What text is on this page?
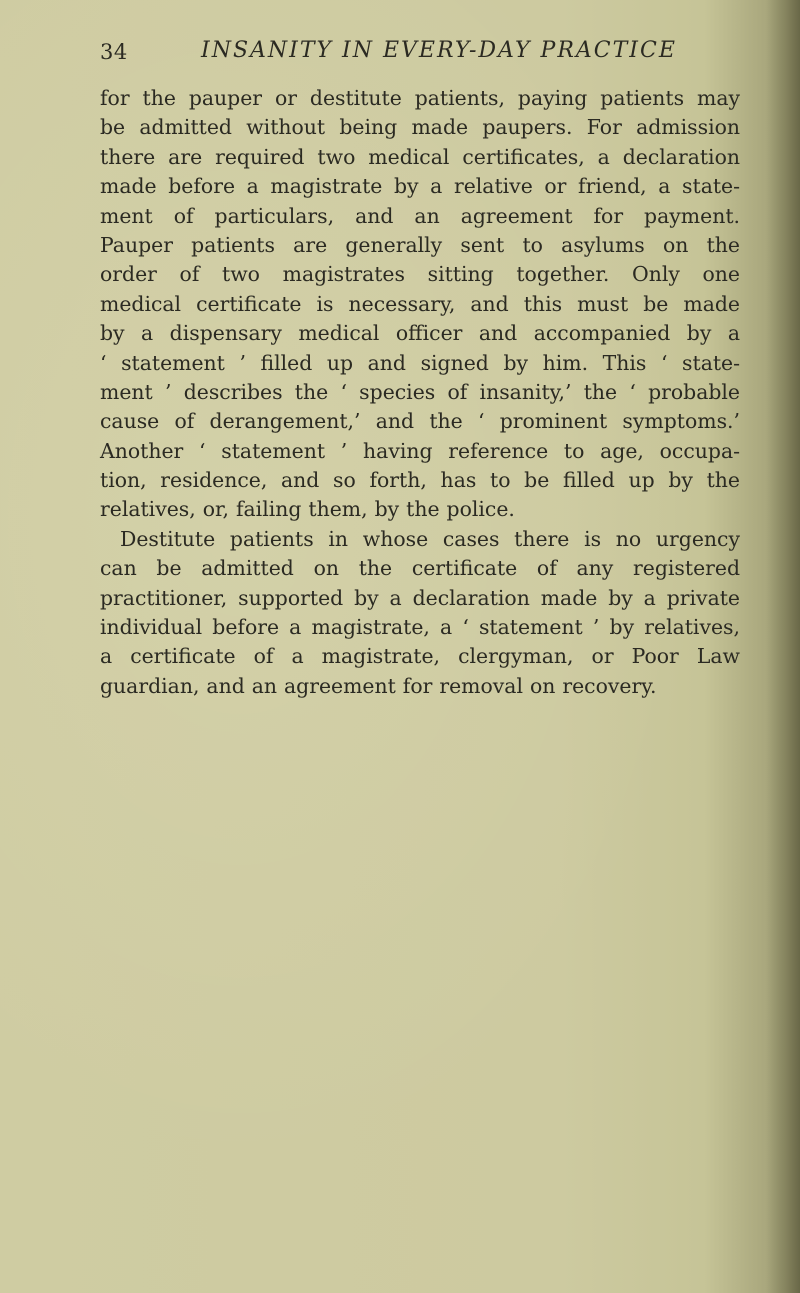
34	INSANITY IN EVERY-DAY PRACTICE
for the pauper or destitute patients, paying patients may
be admitted without being made paupers. For admission
there are required two medical certificates, a declaration
made before a magistrate by a relative or friend, a state-
ment of particulars, and an agreement for payment.
Pauper patients are generally sent to asylums on the
order of two magistrates sitting together. Only one
medical certificate is necessary, and this must be made
by a dispensary medical officer and accompanied by a
‘ statement ’ filled up and signed by him. This ‘ state-
ment ’ describes the ‘ species of insanity,’ the ‘ probable
cause of derangement,’ and the ‘ prominent symptoms.’
Another ‘ statement ’ having reference to age, occupa-
tion, residence, and so forth, has to be filled up by the
relatives, or, failing them, by the police.
Destitute patients in whose cases there is no urgency
can be admitted on the certificate of any registered
practitioner, supported by a declaration made by a private
individual before a magistrate, a ‘ statement ’ by relatives,
a certificate of a magistrate, clergyman, or Poor Law
guardian, and an agreement for removal on recovery.
